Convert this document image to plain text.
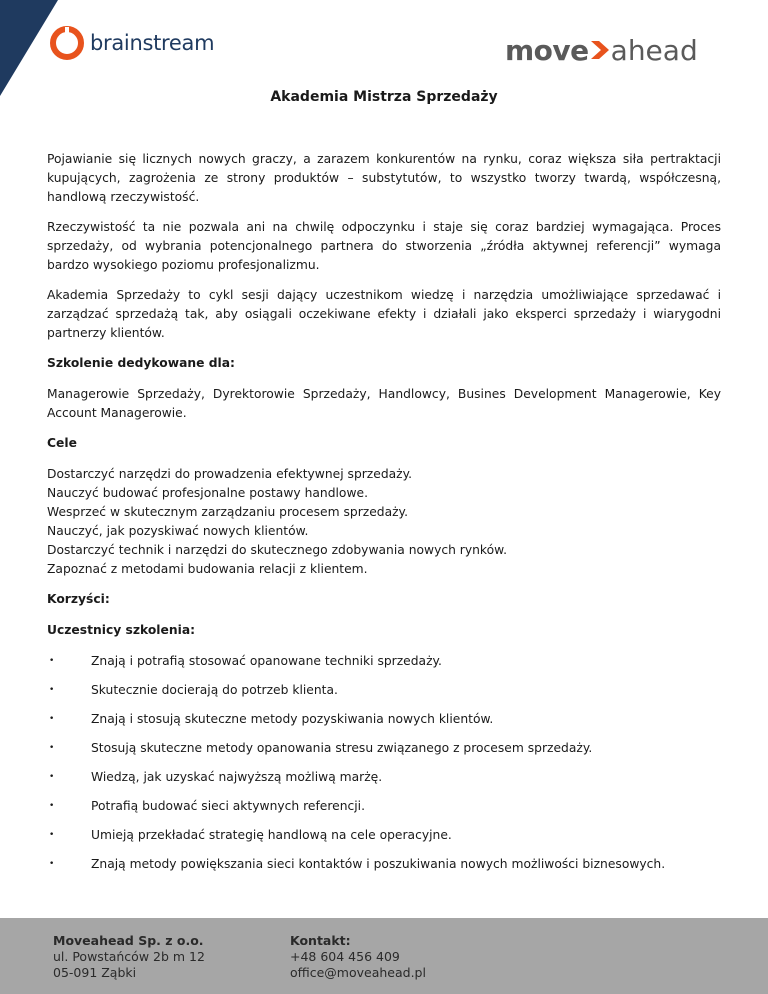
brainstream	move ahead
Akademia Mistrza Sprzedaży

Pojawianie się licznych nowych graczy, a zarazem konkurentów na rynku, coraz większa siła pertraktacji kupujących, zagrożenia ze strony produktów – substytutów, to wszystko tworzy twardą, współczesną, handlową rzeczywistość.

Rzeczywistość ta nie pozwala ani na chwilę odpoczynku i staje się coraz bardziej wymagająca. Proces sprzedaży, od wybrania potencjonalnego partnera do stworzenia „źródła aktywnej referencji” wymaga bardzo wysokiego poziomu profesjonalizmu.

Akademia Sprzedaży to cykl sesji dający uczestnikom wiedzę i narzędzia umożliwiające sprzedawać i zarządzać sprzedażą tak, aby osiągali oczekiwane efekty i działali jako eksperci sprzedaży i wiarygodni partnerzy klientów.

Szkolenie dedykowane dla:

Managerowie Sprzedaży, Dyrektorowie Sprzedaży, Handlowcy, Busines Development Managerowie, Key Account Managerowie.

Cele

Dostarczyć narzędzi do prowadzenia efektywnej sprzedaży.
Nauczyć budować profesjonalne postawy handlowe.
Wesprzeć w skutecznym zarządzaniu procesem sprzedaży.
Nauczyć, jak pozyskiwać nowych klientów.
Dostarczyć technik i narzędzi do skutecznego zdobywania nowych rynków.
Zapoznać z metodami budowania relacji z klientem.

Korzyści:

Uczestnicy szkolenia:

•	Znają i potrafią stosować opanowane techniki sprzedaży.
•	Skutecznie docierają do potrzeb klienta.
•	Znają i stosują skuteczne metody pozyskiwania nowych klientów.
•	Stosują skuteczne metody opanowania stresu związanego z procesem sprzedaży.
•	Wiedzą, jak uzyskać najwyższą możliwą marżę.
•	Potrafią budować sieci aktywnych referencji.
•	Umieją przekładać strategię handlową na cele operacyjne.
•	Znają metody powiększania sieci kontaktów i poszukiwania nowych możliwości biznesowych.
Moveahead Sp. z o.o.
ul. Powstańców 2b m 12
05-091 Ząbki
Kontakt:
+48 604 456 409
office@moveahead.pl
